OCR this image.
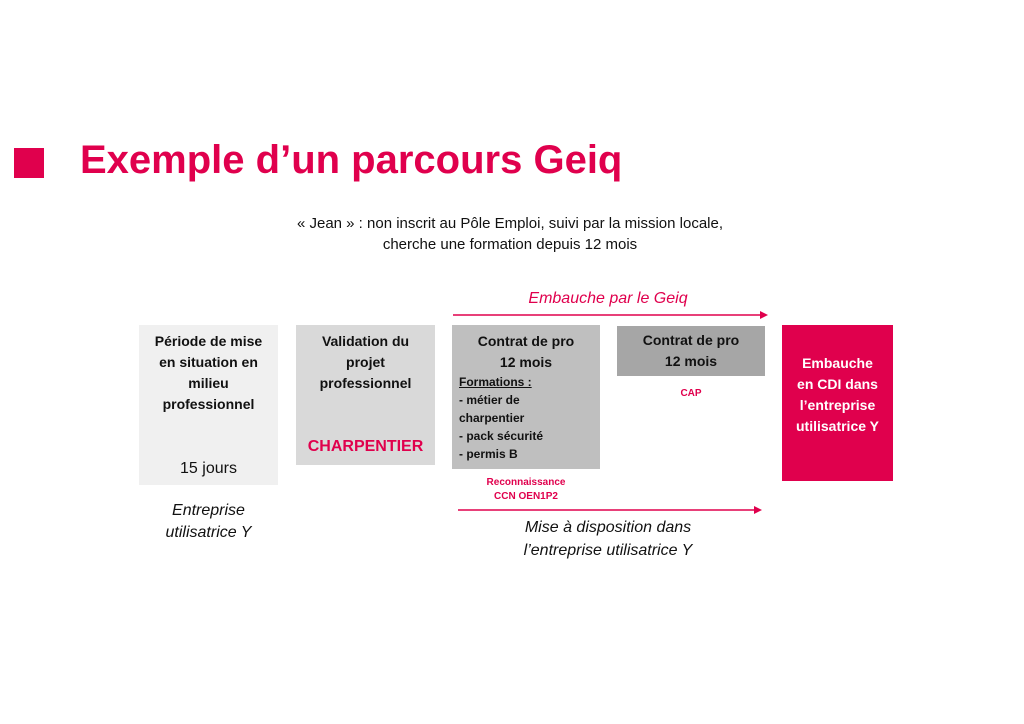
Exemple d’un parcours Geiq
« Jean » : non inscrit au Pôle Emploi, suivi par la mission locale,
cherche une formation depuis 12 mois
Embauche par le Geiq
Période de mise
en situation en
milieu
professionnel
15 jours
Entreprise
utilisatrice Y
Validation du
projet
professionnel
CHARPENTIER
Contrat de pro
12 mois
Formations :
- métier de
charpentier
- pack sécurité
- permis B
Reconnaissance
CCN OEN1P2
Contrat de pro
12 mois
CAP
Embauche
en CDI dans
l’entreprise
utilisatrice Y
Mise à disposition dans
l’entreprise utilisatrice Y
